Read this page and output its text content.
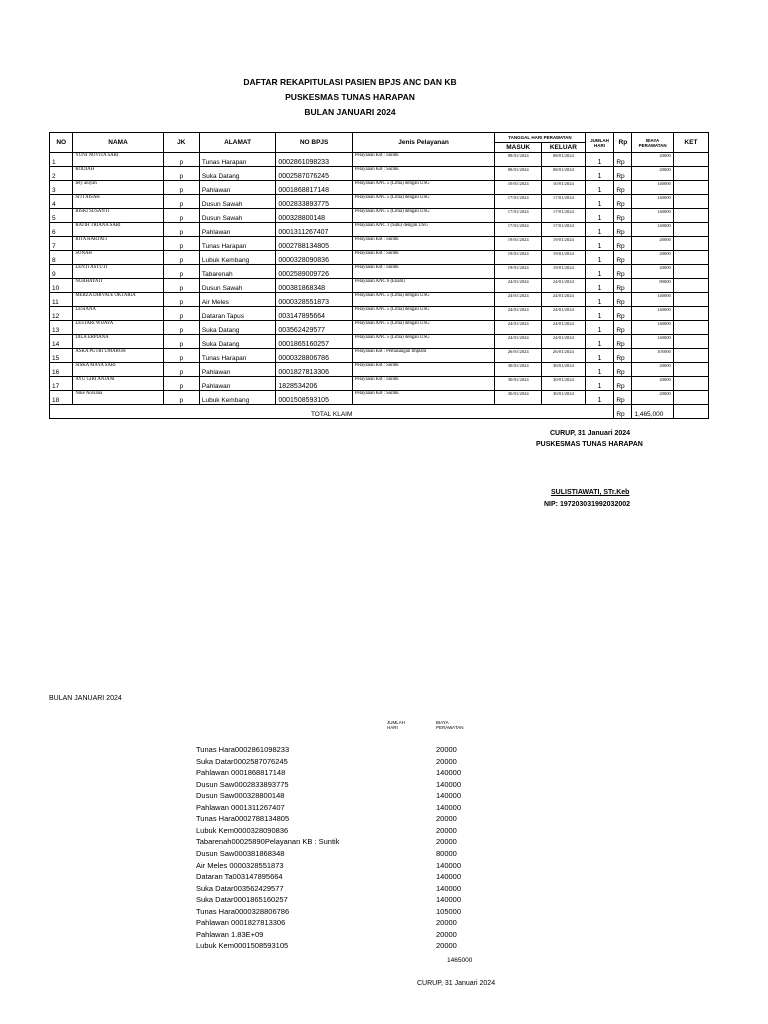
DAFTAR REKAPITULASI PASIEN BPJS ANC DAN KB
PUSKESMAS TUNAS HARAPAN
BULAN JANUARI 2024
NO	NAMA	JK	ALAMAT	NO BPJS	Jenis Pelayanan	TANGGAL HARI PERAWATAN		JUMLAH HARI	Rp	BIAYA PERAWATAN	KET
						MASUK	KELUAR				
1	YUNI NOVITA SARI	p	Tunas Harapan	0002861098233	Pelayanan KB : Suntik	08/01/2024	08/01/2024	1	Rp	20000	
2	RODIAH	p	Suka Datang	0002587076245	Pelayanan KB : Suntik	08/01/2024	08/01/2024	1	Rp	20000	
3	Iely aniyah	p	Pahlawan	0001868817148	Pelayanan ANC 5 (Lima) dengan USG	10/01/2024	10/01/2024	1	Rp	140000	
4	SITI AISAH	p	Dusun Sawah	0002833893775	Pelayanan ANC 5 (Lima) dengan USG	17/01/2024	17/01/2024	1	Rp	140000	
5	RISKI SUSANTI	p	Dusun Sawah	000328800148	Pelayanan ANC 5 (Lima) dengan USG	17/01/2024	17/01/2024	1	Rp	140000	
6	RATIH TRIANA SARI	p	Pahlawan	0001311267407	Pelayanan ANC 1 (Satu) dengan USG	17/01/2024	17/01/2024	1	Rp	140000	
7	RITA HARTATI	p	Tunas Harapan	0002788134805	Pelayanan KB : Suntik	19/01/2024	19/01/2024	1	Rp	20000	
8	SONAH	p	Lubuk Kembang	0000328090836	Pelayanan KB : Suntik	19/01/2024	19/01/2024	1	Rp	20000	
9	LENTI ASTUTI	p	Tabarenah	0002589009726	Pelayanan KB : Suntik	19/01/2024	19/01/2024	1	Rp	20000	
10	NURHAYATI	p	Dusun Sawah	000381868348	Pelayanan ANC 6 (Enam)	24/01/2024	24/01/2024	1	Rp	80000	
11	MERZA DHIVATE OKTARIA	p	Air Meles	0000328551873	Pelayanan ANC 5 (Lima) dengan USG	24/01/2024	24/01/2024	1	Rp	140000	
12	LESIANA	p	Dataran Tapus	003147895664	Pelayanan ANC 5 (Lima) dengan USG	24/01/2024	24/01/2024	1	Rp	140000	
13	LESTARI WIJAYA	p	Suka Datang	003562429577	Pelayanan ANC 5 (Lima) dengan USG	24/01/2024	24/01/2024	1	Rp	140000	
14	DILA ERPIANA	p	Suka Datang	0001865160257	Pelayanan ANC 5 (Lima) dengan USG	24/01/2024	24/01/2024	1	Rp	140000	
15	ASKA PUTRI UMAROH	p	Tunas Harapan	0000328806786	Pelayanan KB : Pemasangan Implant	26/01/2024	26/01/2024	1	Rp	105000	
16	SISKA MAYA SARI	p	Pahlawan	0001827813306	Pelayanan KB : Suntik	30/01/2024	30/01/2024	1	Rp	20000	
17	AYU GIRI ANJANI	p	Pahlawan	1828534206	Pelayanan KB : Suntik	30/01/2024	30/01/2024	1	Rp	20000	
18	Nike Noviana	p	Lubuk Kembang	0001508593105	Pelayanan KB : Suntik	30/01/2024	30/01/2024	1	Rp	20000	
TOTAL KLAIM									Rp	1,465,000	
CURUP, 31 Januari 2024
PUSKESMAS TUNAS HARAPAN
SULISTIAWATI, STr.Keb
NIP: 197203031992032002
BULAN JANUARI 2024
JUMLAH HARI
BIAYA PERAWATAN
Tunas Hara0002861098233	20000
Suka Datar0002587076245	20000
Pahlawan 0001868817148	140000
Dusun Saw0002833893775	140000
Dusun Saw000328800148	140000
Pahlawan 0001311267407	140000
Tunas Hara0002788134805	20000
Lubuk Kem0000328090836	20000
Tabarenah00025890Pelayanan KB : Suntik	20000
Dusun Saw000381868348	80000
Air Meles 0000328551873	140000
Dataran Ta003147895664	140000
Suka Datar003562429577	140000
Suka Datar0001865160257	140000
Tunas Hara0000328806786	105000
Pahlawan 0001827813306	20000
Pahlawan 1.83E+09	20000
Lubuk Kem0001508593105	20000
1465000
CURUP, 31 Januari 2024
